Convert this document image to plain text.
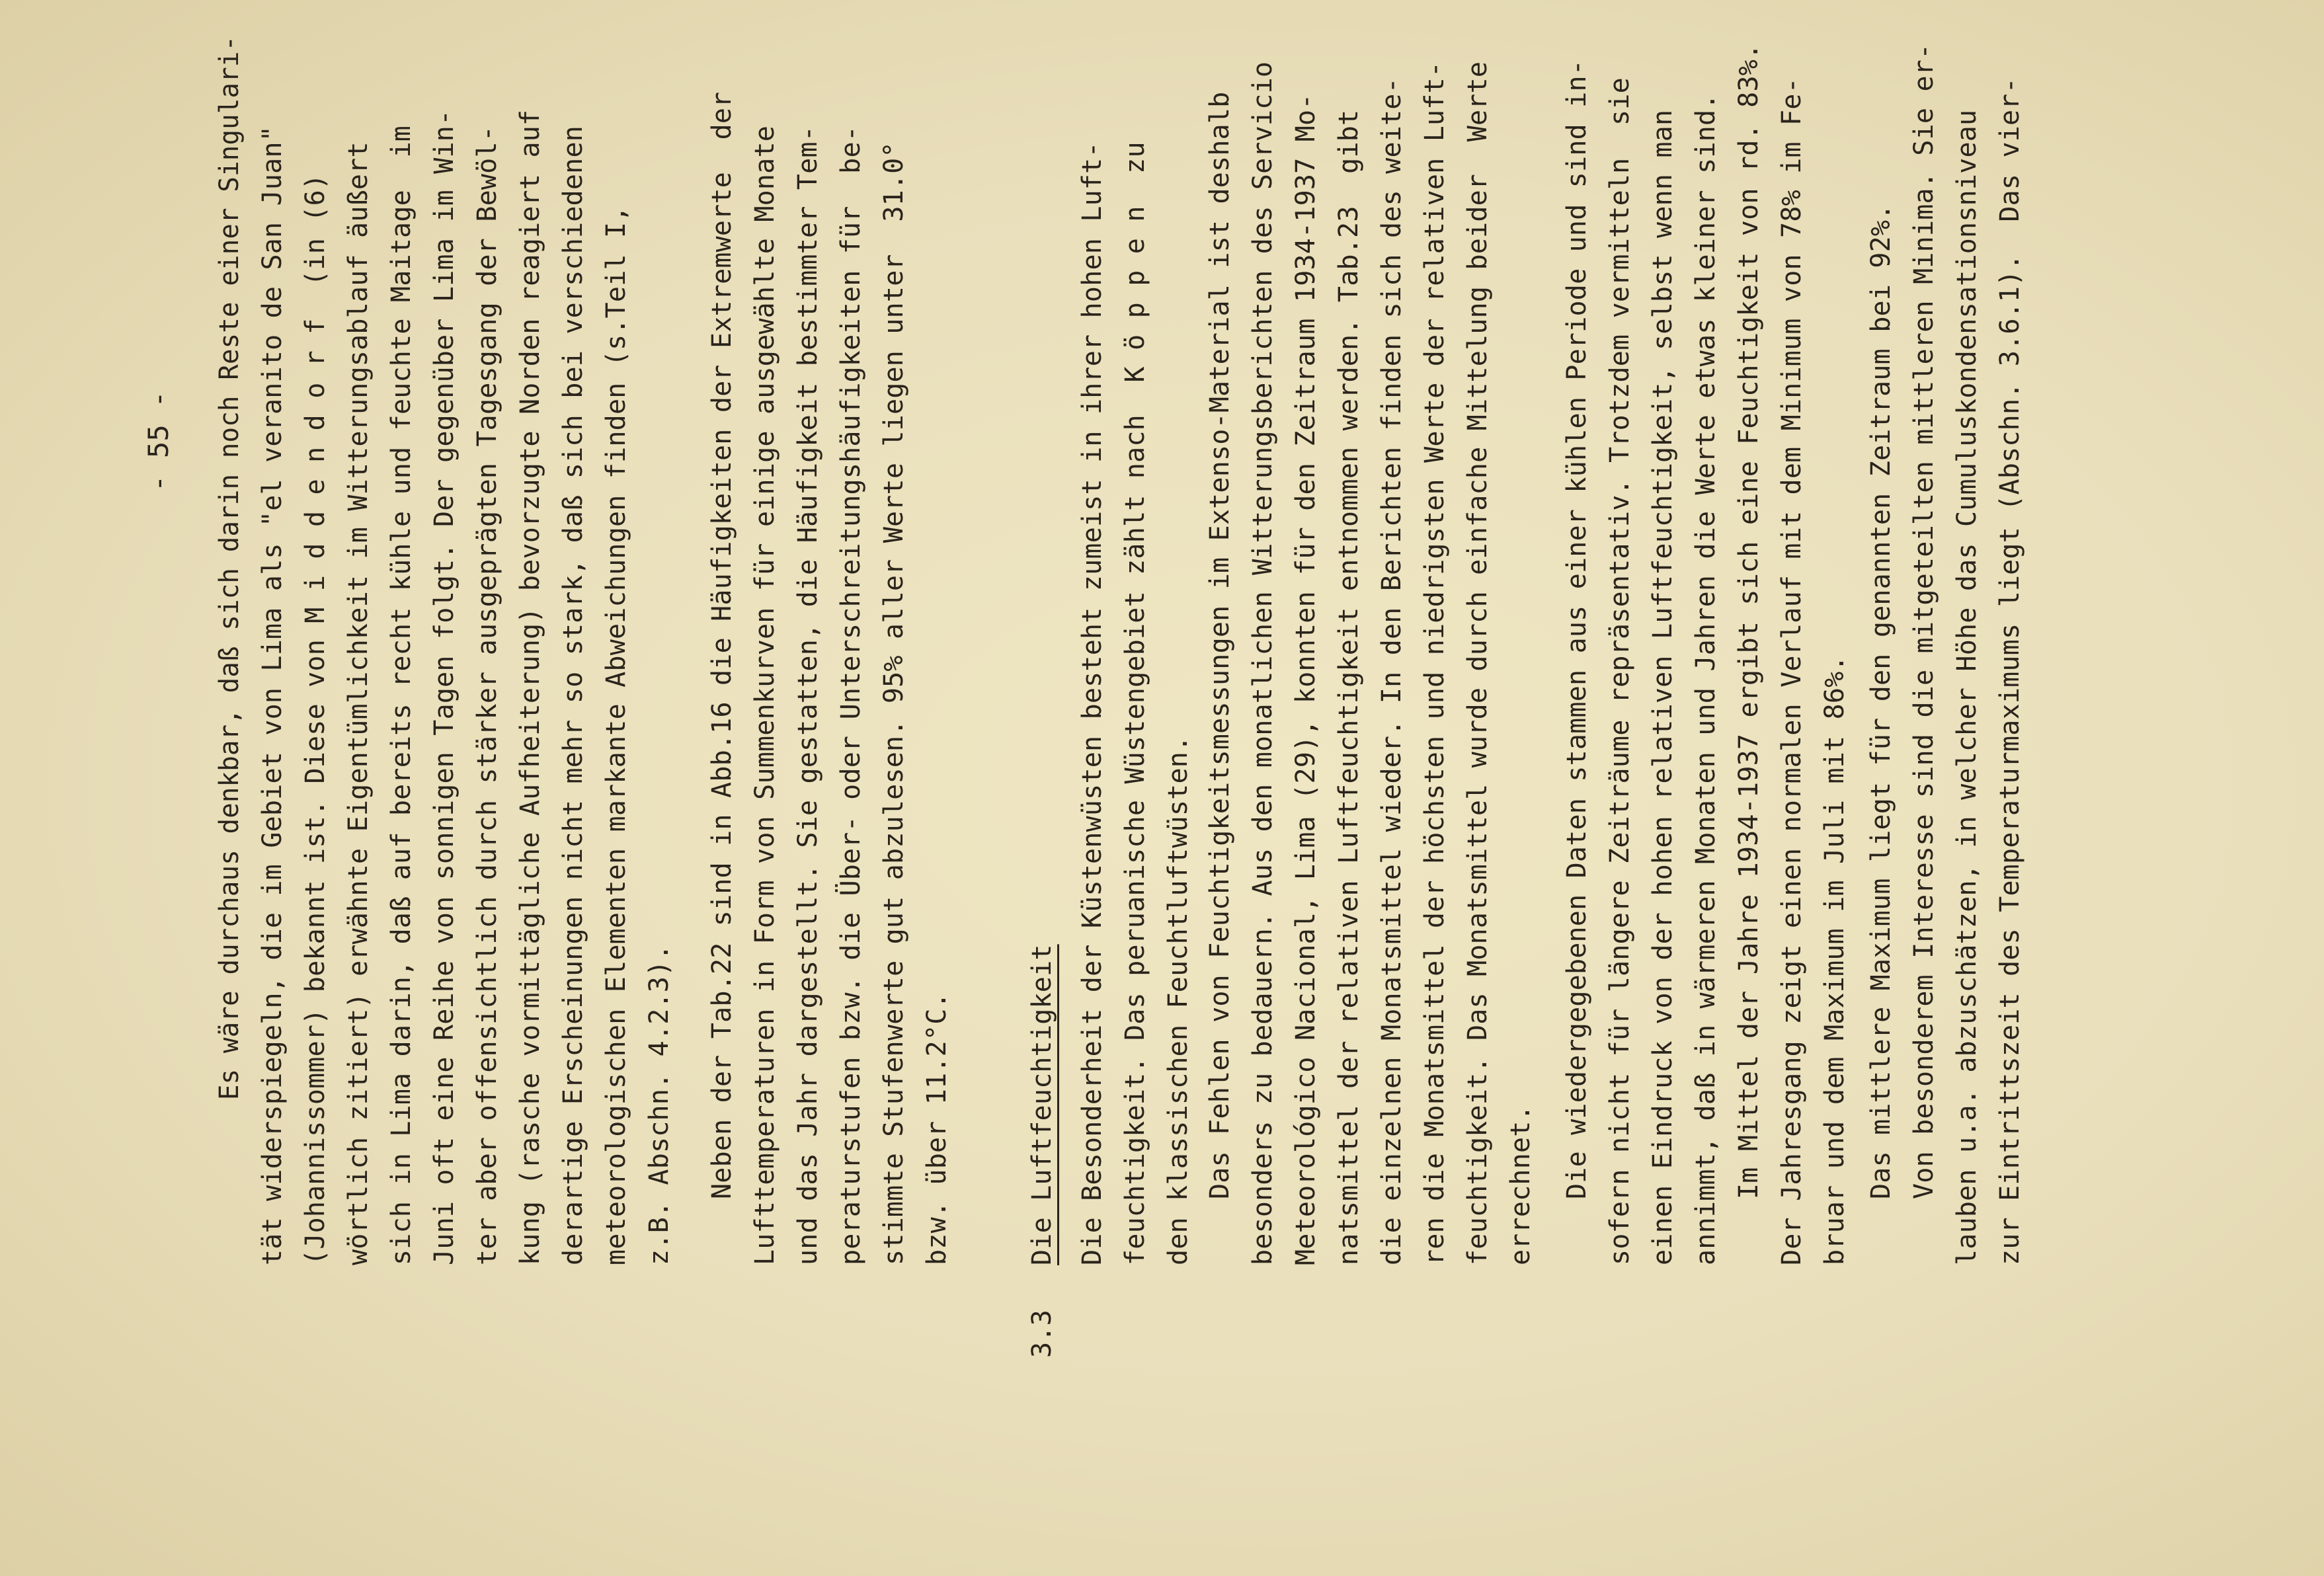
- 55 - Es wäre durchaus denkbar, daß sich darin noch Reste einer Singulari- tät widerspiegeln, die im Gebiet von Lima als "el veranito de San Juan" (Johannissommer) bekannt ist. Diese von M i d d e n d o r f  (in (6) wörtlich zitiert) erwähnte Eigentümlichkeit im Witterungsablauf äußert sich in Lima darin, daß auf bereits recht kühle und feuchte Maitage  im Juni oft eine Reihe von sonnigen Tagen folgt. Der gegenüber Lima im Win- ter aber offensichtlich durch stärker ausgeprägten Tagesgang der Bewöl- kung (rasche vormittägliche Aufheiterung) bevorzugte Norden reagiert auf derartige Erscheinungen nicht mehr so stark, daß sich bei verschiedenen meteorologischen Elementen markante Abweichungen finden (s.Teil I, z.B. Abschn. 4.2.3). Neben der Tab.22 sind in Abb.16 die Häufigkeiten der Extremwerte  der Lufttemperaturen in Form von Summenkurven für einige ausgewählte Monate und das Jahr dargestellt. Sie gestatten, die Häufigkeit bestimmter Tem- peraturstufen bzw. die Über- oder Unterschreitungshäufigkeiten für  be- stimmte Stufenwerte gut abzulesen. 95% aller Werte liegen unter  31.0° bzw. über 11.2°C.
3.3
Die Luftfeuchtigkeit Die Besonderheit der Küstenwüsten besteht zumeist in ihrer hohen Luft- feuchtigkeit. Das peruanische Wüstengebiet zählt nach  K ö p p e n  zu den klassischen Feuchtluftwüsten. Das Fehlen von Feuchtigkeitsmessungen im Extenso-Material ist deshalb besonders zu bedauern. Aus den monatlichen Witterungsberichten des Servicio Meteorológico Nacional, Lima (29), konnten für den Zeitraum 1934-1937 Mo- natsmittel der relativen Luftfeuchtigkeit entnommen werden. Tab.23  gibt die einzelnen Monatsmittel wieder. In den Berichten finden sich des weite- ren die Monatsmittel der höchsten und niedrigsten Werte der relativen Luft- feuchtigkeit. Das Monatsmittel wurde durch einfache Mittelung beider  Werte errechnet. Die wiedergegebenen Daten stammen aus einer kühlen Periode und sind in- sofern nicht für längere Zeiträume repräsentativ. Trotzdem vermitteln  sie einen Eindruck von der hohen relativen Luftfeuchtigkeit, selbst wenn man annimmt, daß in wärmeren Monaten und Jahren die Werte etwas kleiner sind. Im Mittel der Jahre 1934-1937 ergibt sich eine Feuchtigkeit von rd. 83%. Der Jahresgang zeigt einen normalen Verlauf mit dem Minimum von 78% im Fe- bruar und dem Maximum im Juli mit 86%. Das mittlere Maximum liegt für den genannten Zeitraum bei 92%. Von besonderem Interesse sind die mitgeteilten mittleren Minima. Sie er- lauben u.a. abzuschätzen, in welcher Höhe das Cumuluskondensationsniveau zur Eintrittszeit des Temperaturmaximums liegt (Abschn. 3.6.1).  Das vier-
